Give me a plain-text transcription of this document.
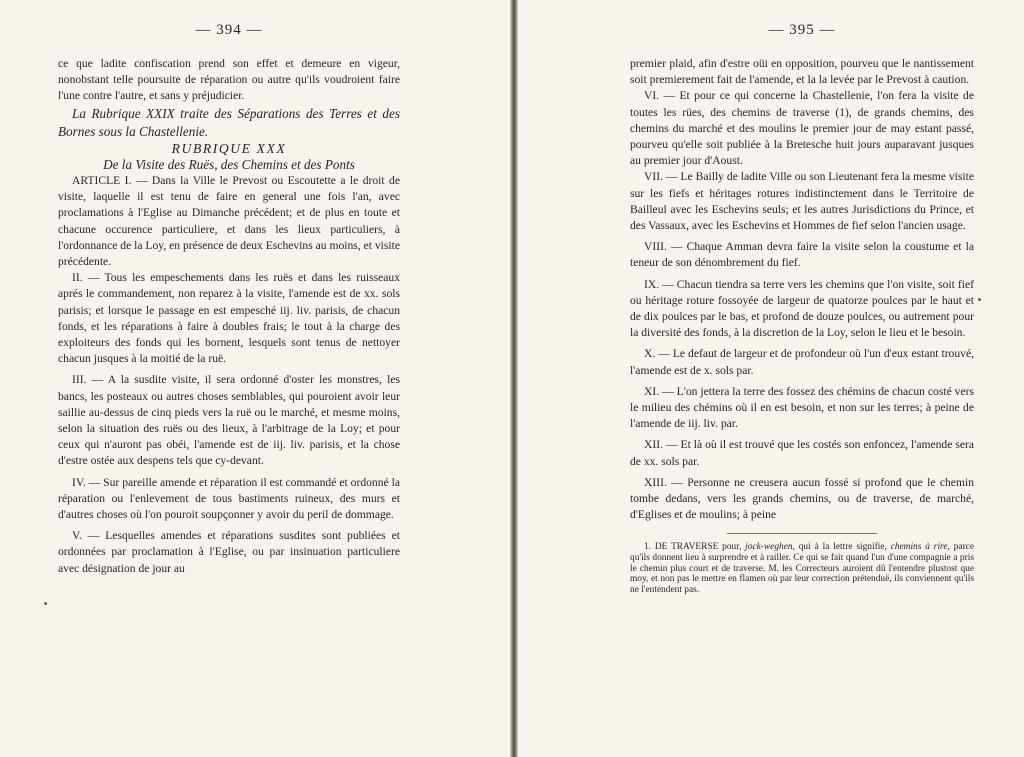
— 394 —

ce que ladite confiscation prend son effet et demeure en vigeur, nonobstant telle poursuite de réparation ou autre qu'ils voudroient faire l'une contre l'autre, et sans y préjudicier.

La Rubrique XXIX traite des Séparations des Terres et des Bornes sous la Chastellenie.

RUBRIQUE XXX

De la Visite des Ruës, des Chemins et des Ponts

ARTICLE I. — Dans la Ville le Prevost ou Escoutette a le droit de visite, laquelle il est tenu de faire en general une fois l'an, avec proclamations à l'Eglise au Dimanche précédent; et de plus en toute et chacune occurence particuliere, et dans les lieux particuliers, à l'ordonnance de la Loy, en présence de deux Eschevins au moins, et visite précédente.

II. — Tous les empeschements dans les ruës et dans les ruisseaux aprés le commandement, non reparez à la visite, l'amende est de xx. sols parisis; et lorsque le passage en est empesché iij. liv. parisis, de chacun fonds, et les réparations à faire à doubles frais; le tout à la charge des exploiteurs des fonds qui les bornent, lesquels sont tenus de nettoyer chacun jusques à la moitié de la ruë.

III. — A la susdite visite, il sera ordonné d'oster les monstres, les bancs, les posteaux ou autres choses semblables, qui pouroient avoir leur saillie au-dessus de cinq pieds vers la ruë ou le marché, et mesme moins, selon la situation des ruës ou des lieux, à l'arbitrage de la Loy; et pour ceux qui n'auront pas obéi, l'amende est de iij. liv. parisis, et la chose d'estre ostée aux despens tels que cy-devant.

IV. — Sur pareille amende et réparation il est commandé et ordonné la réparation ou l'enlevement de tous bastiments ruineux, des murs et d'autres choses où l'on pouroit soupçonner y avoir du peril de dommage.

V. — Lesquelles amendes et réparations susdites sont publiées et ordonnées par proclamation à l'Eglise, ou par insinuation particuliere avec désignation de jour au

— 395 —

premier plaid, afin d'estre oüi en opposition, pourveu que le nantissement soit premierement fait de l'amende, et la la levée par le Prevost à caution.

VI. — Et pour ce qui concerne la Chastellenie, l'on fera la visite de toutes les rües, des chemins de traverse (1), de grands chemins, des chemins du marché et des moulins le premier jour de may estant passé, pourveu qu'elle soit publiée à la Bretesche huit jours auparavant jusques au premier jour d'Aoust.

VII. — Le Bailly de ladite Ville ou son Lieutenant fera la mesme visite sur les fiefs et héritages rotures indistinctement dans le Territoire de Bailleul avec les Eschevins seuls; et les autres Jurisdictions du Prince, et des Vassaux, avec les Eschevins et Hommes de fief selon l'ancien usage.

VIII. — Chaque Amman devra faire la visite selon la coustume et la teneur de son dénombrement du fief.

IX. — Chacun tiendra sa terre vers les chemins que l'on visite, soit fief ou héritage roture fossoyée de largeur de quatorze poulces par le haut et de dix poulces par le bas, et profond de douze poulces, ou autrement pour la diversité des fonds, à la discretion de la Loy, selon le lieu et le besoin.

X. — Le defaut de largeur et de profondeur où l'un d'eux estant trouvé, l'amende est de x. sols par.

XI. — L'on jettera la terre des fossez des chémins de chacun costé vers le milieu des chémins où il en est besoin, et non sur les terres; à peine de l'amende de iij. liv. par.

XII. — Et là où il est trouvé que les costés son enfoncez, l'amende sera de xx. sols par.

XIII. — Personne ne creusera aucun fossé si profond que le chemin tombe dedans, vers les grands chemins, ou de traverse, de marché, d'Eglises et de moulins; à peine

1. DE TRAVERSE pour, jock-weghen, qui à la lettre signifie, chemins à rire, parce qu'ils donnent lieu à surprendre et à railler. Ce qui se fait quand l'un d'une compagnie a pris le chemin plus court et de traverse. M. les Correcteurs auroient dû l'entendre plustost que moy, et non pas le mettre en flamen où par leur correction prétenduë, ils conviennent qu'ils ne l'entendent pas.
